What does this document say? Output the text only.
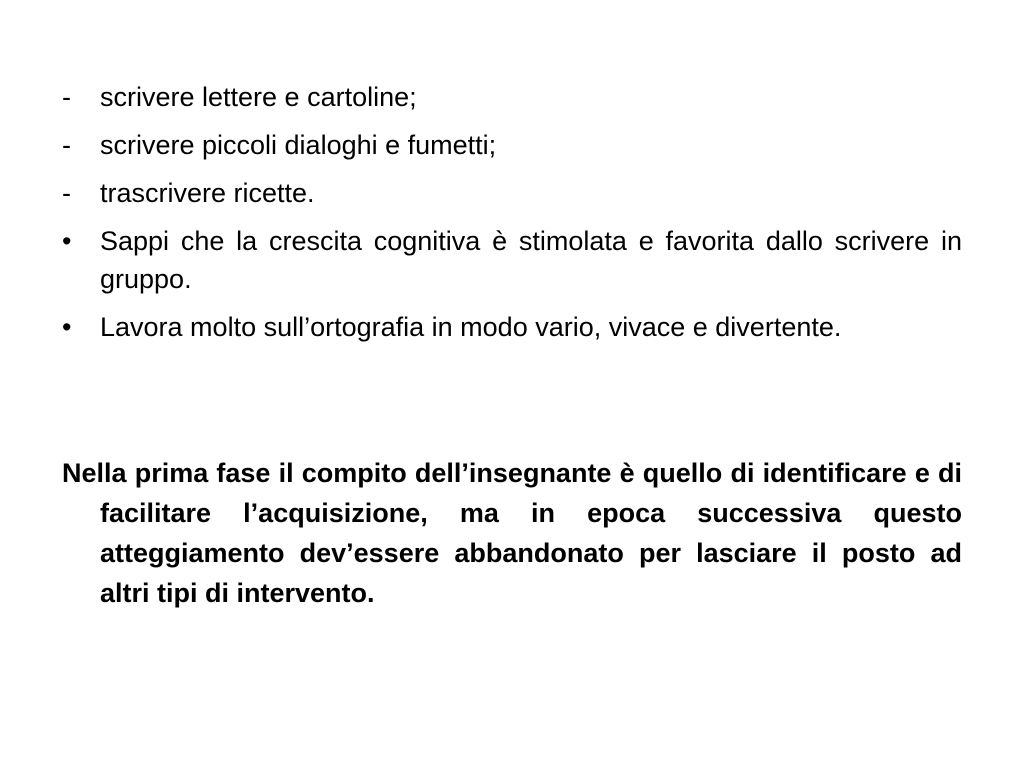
-	scrivere lettere e cartoline;
-	scrivere piccoli dialoghi e fumetti;
-	trascrivere ricette.
•	Sappi che la crescita cognitiva è stimolata e favorita dallo scrivere in gruppo.
•	Lavora molto sull’ortografia in modo vario, vivace e divertente.

Nella prima fase il compito dell’insegnante è quello di identificare e di facilitare l’acquisizione, ma in epoca successiva questo atteggiamento dev’essere abbandonato per lasciare il posto ad altri tipi di intervento.
